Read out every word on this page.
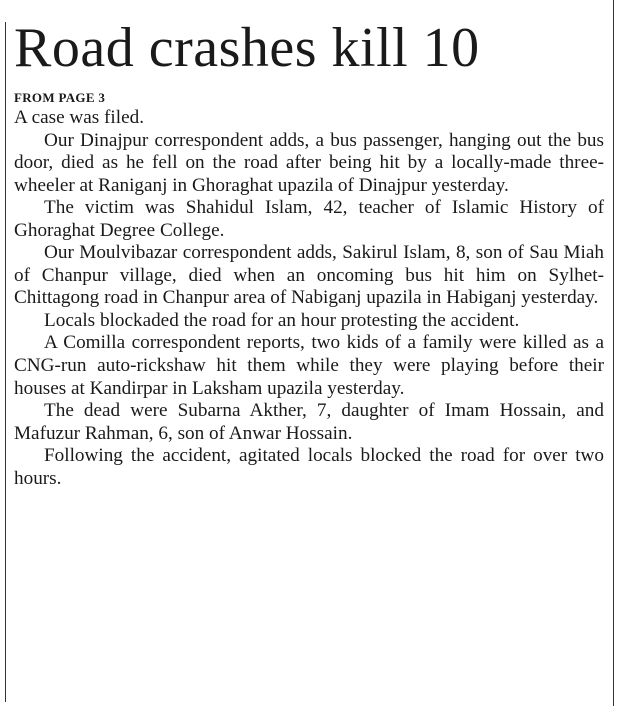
Road crashes kill 10
FROM PAGE 3

A case was filed.

Our Dinajpur correspondent adds, a bus passenger, hanging out the bus door, died as he fell on the road after being hit by a locally-made three-wheeler at Raniganj in Ghoraghat upazila of Dinajpur yesterday.

The victim was Shahidul Islam, 42, teacher of Islamic History of Ghoraghat Degree College.

Our Moulvibazar correspondent adds, Sakirul Islam, 8, son of Sau Miah of Chanpur village, died when an oncoming bus hit him on Sylhet-Chittagong road in Chanpur area of Nabiganj upazila in Habiganj yesterday.

Locals blockaded the road for an hour protesting the accident.

A Comilla correspondent reports, two kids of a family were killed as a CNG-run auto-rickshaw hit them while they were playing before their houses at Kandirpar in Laksham upazila yesterday.

The dead were Subarna Akther, 7, daughter of Imam Hossain, and Mafuzur Rahman, 6, son of Anwar Hossain.

Following the accident, agitated locals blocked the road for over two hours.
